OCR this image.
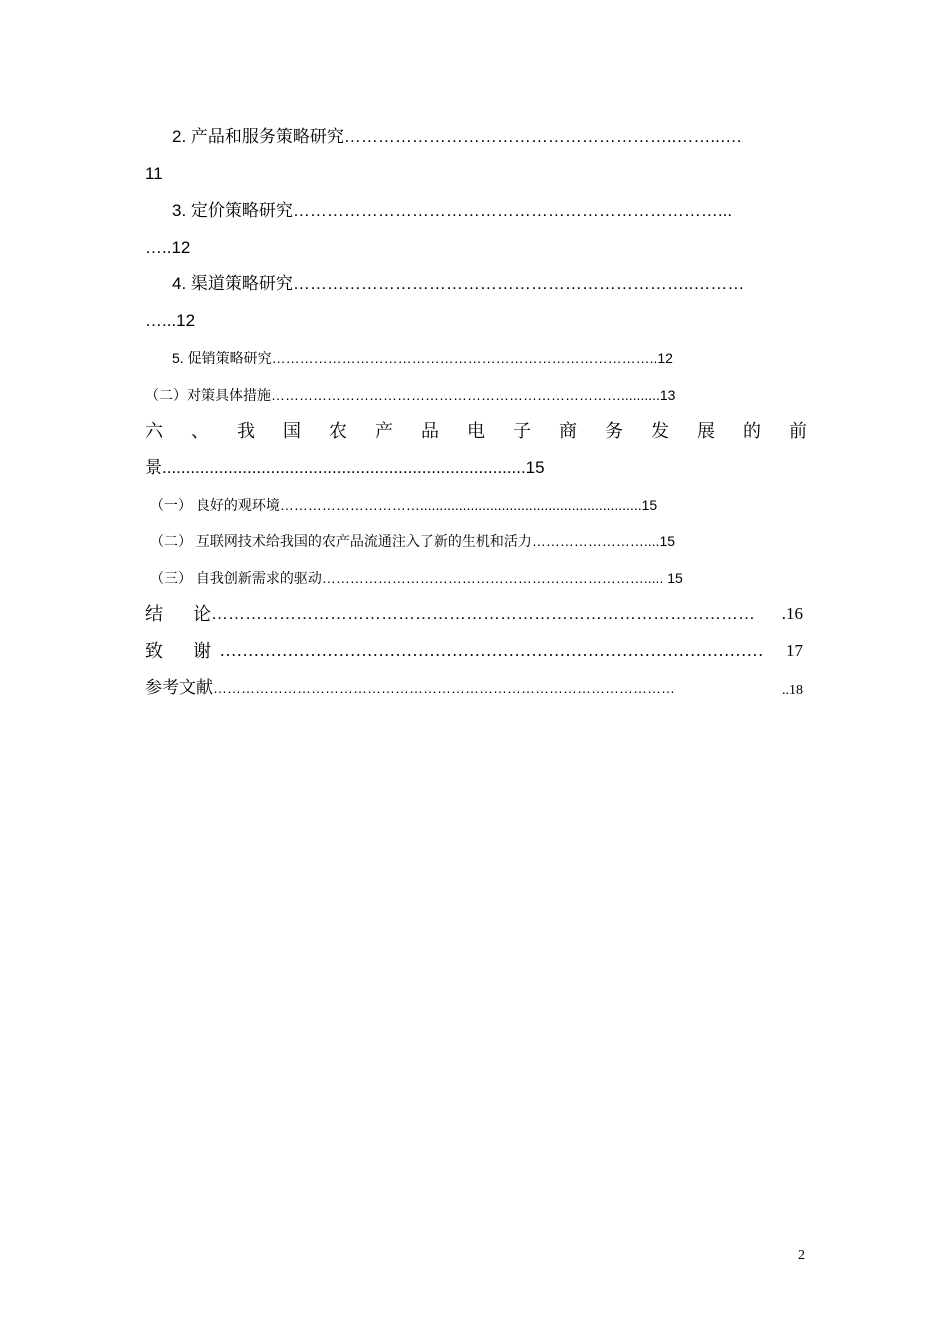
2. 产品和服务策略研究…………………………………………………..……..….
11
3. 定价策略研究…………………………………………………………………...
…..12
4. 渠道策略研究……………………………………………………………..………
…...12
5. 促销策略研究………………………………………………………………………..12
（二）对策具体措施…………………………………………………………………..........13
六 、 我 国 农 产 品 电 子 商 务 发 展 的 前
景.............................................................................15
（一） 良好的观环境………………………….........................................................15
（二） 互联网技术给我国的农产品流通注入了新的生机和活力……………………....15
（三） 自我创新需求的驱动……………………………………………………………..... 15
结      论 ……………………………………………………………………………………	.16
致      谢 ……………………………………………………………………………………	17
参考文献 ………………………………………………………………………………………	..18
2
